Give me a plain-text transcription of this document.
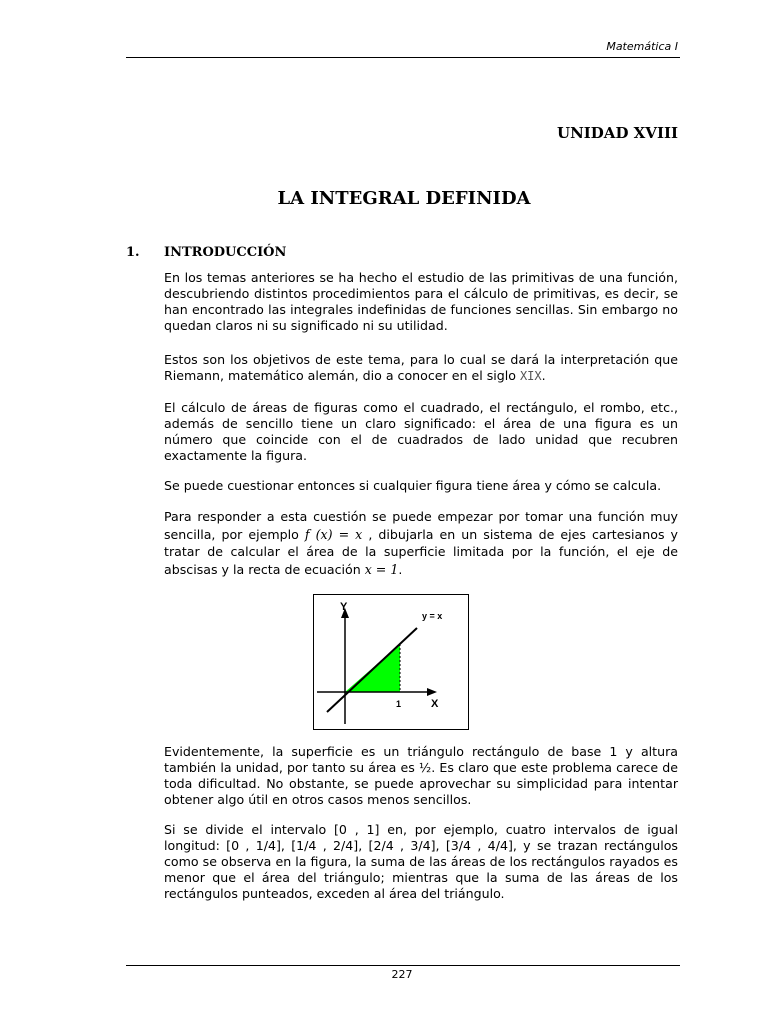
Matemática I
UNIDAD XVIII
LA INTEGRAL DEFINIDA
1. INTRODUCCIÓN

En los temas anteriores se ha hecho el estudio de las primitivas de una función, descubriendo distintos procedimientos para el cálculo de primitivas, es decir, se han encontrado las integrales indefinidas de funciones sencillas. Sin embargo no quedan claros ni su significado ni su utilidad.

Estos son los objetivos de este tema, para lo cual se dará la interpretación que Riemann, matemático alemán, dio a conocer en el siglo XIX.

El cálculo de áreas de figuras como el cuadrado, el rectángulo, el rombo, etc., además de sencillo tiene un claro significado: el área de una figura es un número que coincide con el de cuadrados de lado unidad que recubren exactamente la figura.

Se puede cuestionar entonces si cualquier figura tiene área y cómo se calcula.

Para responder a esta cuestión se puede empezar por tomar una función muy sencilla, por ejemplo f (x) = x , dibujarla en un sistema de ejes cartesianos y tratar de calcular el área de la superficie limitada por la función, el eje de abscisas y la recta de ecuación x = 1.

Y
X
y = x
1

Evidentemente, la superficie es un triángulo rectángulo de base 1 y altura también la unidad, por tanto su área es ½. Es claro que este problema carece de toda dificultad. No obstante, se puede aprovechar su simplicidad para intentar obtener algo útil en otros casos menos sencillos.

Si se divide el intervalo [0 , 1] en, por ejemplo, cuatro intervalos de igual longitud: [0 , 1/4], [1/4 , 2/4], [2/4 , 3/4], [3/4 , 4/4], y se trazan rectángulos como se observa en la figura, la suma de las áreas de los rectángulos rayados es menor que el área del triángulo; mientras que la suma de las áreas de los rectángulos punteados, exceden al área del triángulo.

227
